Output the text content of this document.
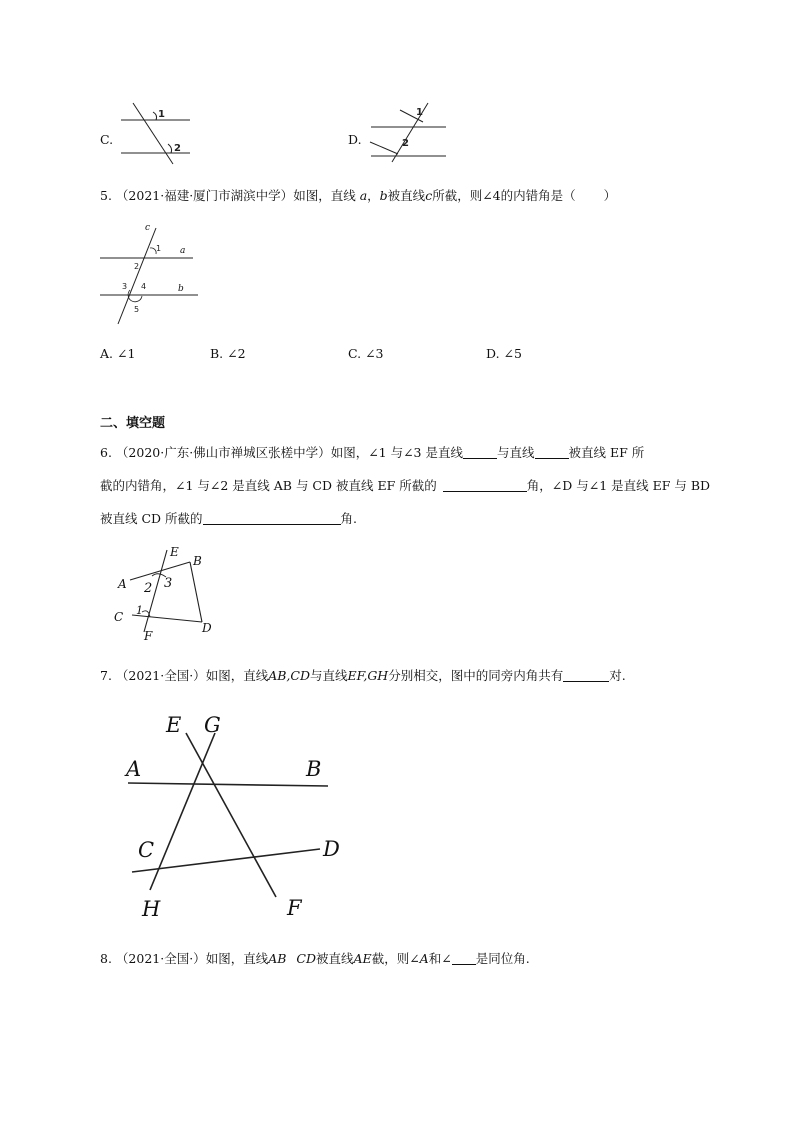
C.
1
2
D.
1
2
5. （2021·福建·厦门市湖滨中学）如图，直线 a，b被直线c所截，则∠4的内错角是（ ）
c
1 a
2
3 4	b
5
A. ∠1	B. ∠2	C. ∠3	D. ∠5
二、填空题
6. （2020·广东·佛山市禅城区张槎中学）如图，∠1 与∠3 是直线	与直线	被直线 EF 所
截的内错角，∠1 与∠2 是直线 AB 与 CD 被直线 EF 所截的	角，∠D 与∠1 是直线 EF 与 BD
被直线 CD 所截的	角.
E
B
A 2 3
1
C
F
D
7. （2021·全国·）如图，直线AB,CD与直线EF,GH分别相交，图中的同旁内角共有	对.
E G
A	B
C	D
H	F
8. （2021·全国·）如图，直线AB CD被直线AE截，则∠A和∠ 是同位角.
